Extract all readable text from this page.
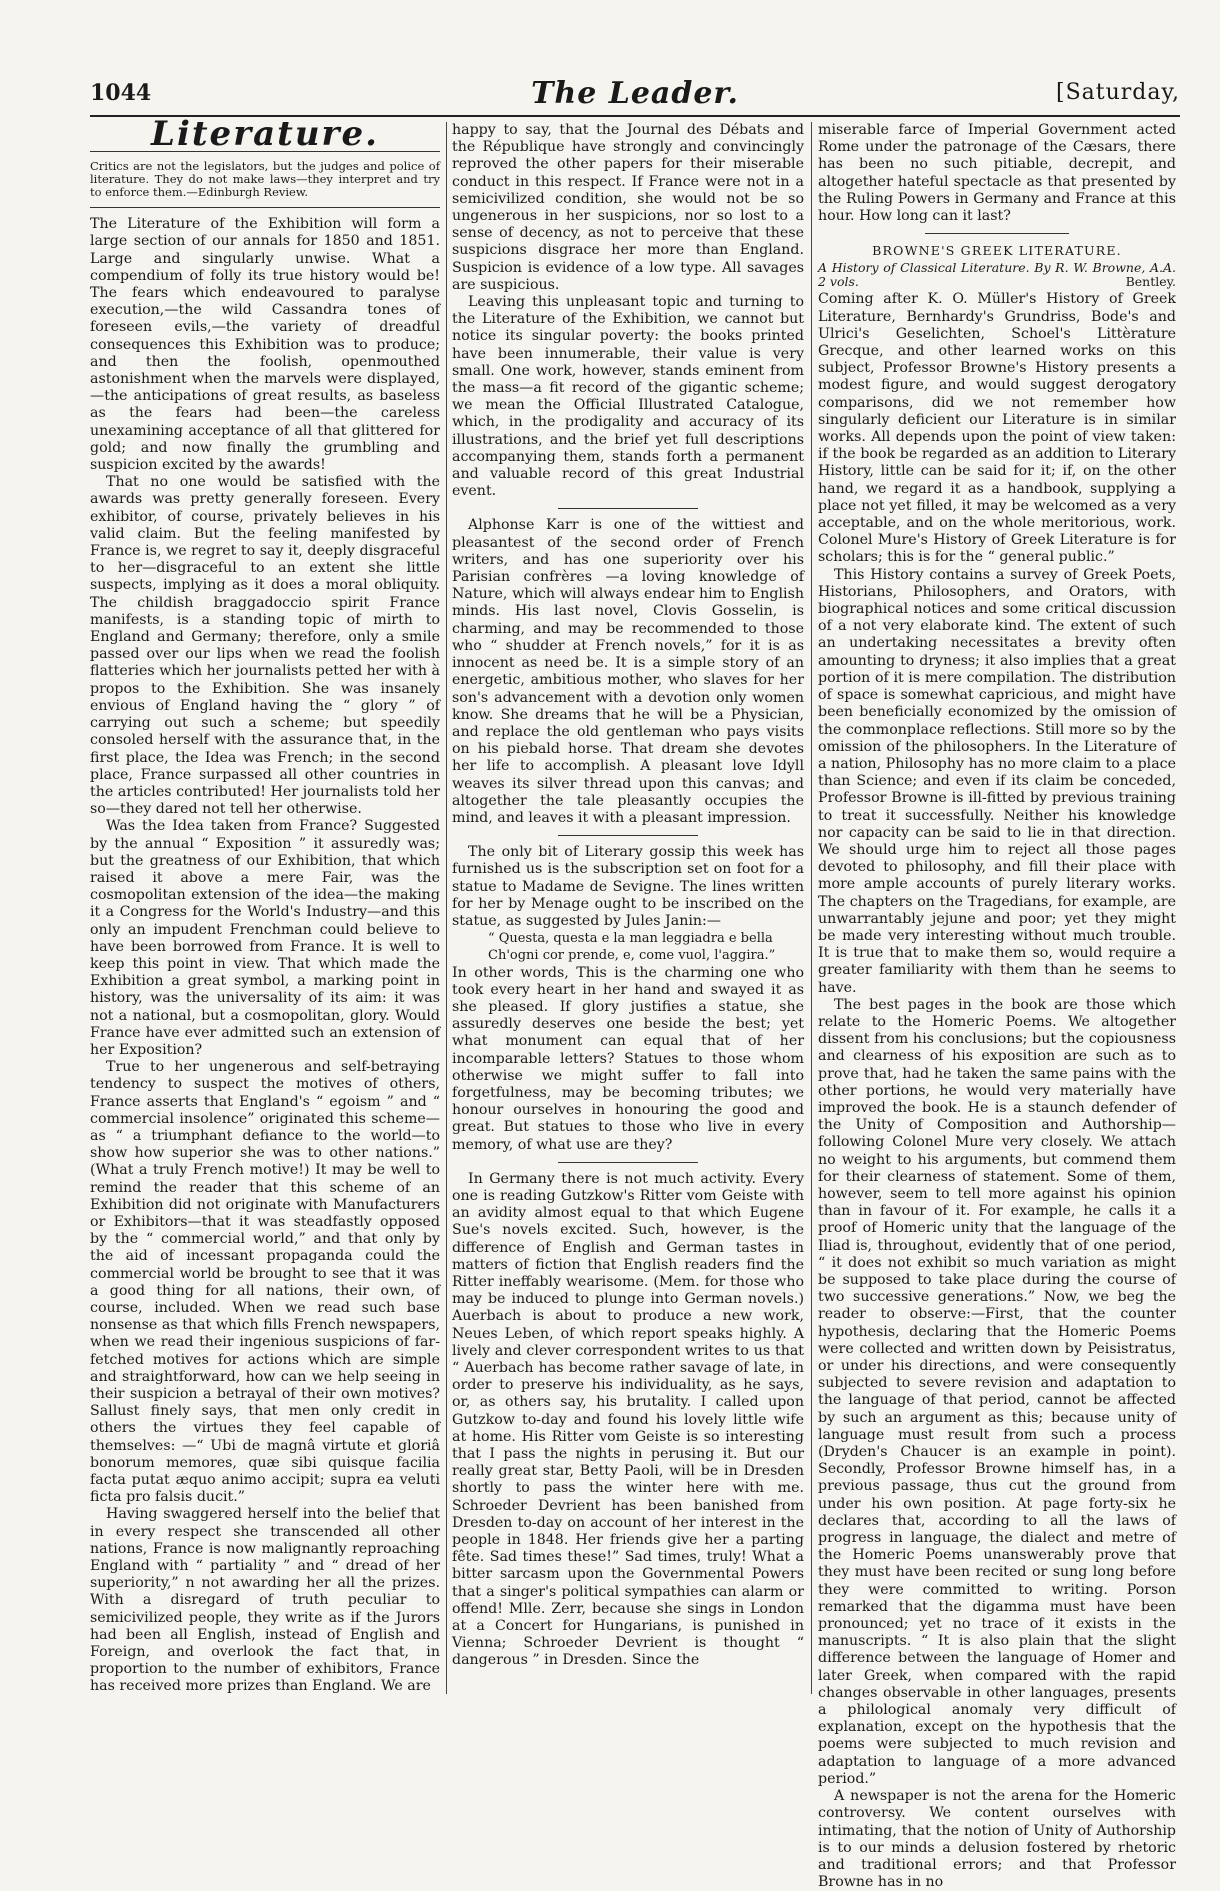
1044	The Leader.	[Saturday,
Literature.
Critics are not the legislators, but the judges and police of literature. They do not make laws—they interpret and try to enforce them.—Edinburgh Review.

The Literature of the Exhibition will form a large section of our annals for 1850 and 1851. Large and singularly unwise. What a compendium of folly its true history would be! The fears which endeavoured to paralyse execution,—the wild Cassandra tones of foreseen evils,—the variety of dreadful consequences this Exhibition was to produce; and then the foolish, openmouthed astonishment when the marvels were displayed,—the anticipations of great results, as baseless as the fears had been—the careless unexamining acceptance of all that glittered for gold; and now finally the grumbling and suspicion excited by the awards!

That no one would be satisfied with the awards was pretty generally foreseen. Every exhibitor, of course, privately believes in his valid claim. But the feeling manifested by France is, we regret to say it, deeply disgraceful to her—disgraceful to an extent she little suspects, implying as it does a moral obliquity. The childish braggadoccio spirit France manifests, is a standing topic of mirth to England and Germany; therefore, only a smile passed over our lips when we read the foolish flatteries which her journalists petted her with à propos to the Exhibition. She was insanely envious of England having the “ glory ” of carrying out such a scheme; but speedily consoled herself with the assurance that, in the first place, the Idea was French; in the second place, France surpassed all other countries in the articles contributed! Her journalists told her so—they dared not tell her otherwise.

Was the Idea taken from France? Suggested by the annual “ Exposition ” it assuredly was; but the greatness of our Exhibition, that which raised it above a mere Fair, was the cosmopolitan extension of the idea—the making it a Congress for the World's Industry—and this only an impudent Frenchman could believe to have been borrowed from France. It is well to keep this point in view. That which made the Exhibition a great symbol, a marking point in history, was the universality of its aim: it was not a national, but a cosmopolitan, glory. Would France have ever admitted such an extension of her Exposition?

True to her ungenerous and self-betraying tendency to suspect the motives of others, France asserts that England's “ egoism ” and “ commercial insolence” originated this scheme—as “ a triumphant defiance to the world—to show how superior she was to other nations.” (What a truly French motive!) It may be well to remind the reader that this scheme of an Exhibition did not originate with Manufacturers or Exhibitors—that it was steadfastly opposed by the “ commercial world,” and that only by the aid of incessant propaganda could the commercial world be brought to see that it was a good thing for all nations, their own, of course, included. When we read such base nonsense as that which fills French newspapers, when we read their ingenious suspicions of far-fetched motives for actions which are simple and straightforward, how can we help seeing in their suspicion a betrayal of their own motives? Sallust finely says, that men only credit in others the virtues they feel capable of themselves: —“ Ubi de magnâ virtute et gloriâ bonorum memores, quæ sibi quisque facilia facta putat æquo animo accipit; supra ea veluti ficta pro falsis ducit.”

Having swaggered herself into the belief that in every respect she transcended all other nations, France is now malignantly reproaching England with “ partiality ” and “ dread of her superiority,” n not awarding her all the prizes. With a disregard of truth peculiar to semicivilized people, they write as if the Jurors had been all English, instead of English and Foreign, and overlook the fact that, in proportion to the number of exhibitors, France has received more prizes than England. We are

happy to say, that the Journal des Débats and the République have strongly and convincingly reproved the other papers for their miserable conduct in this respect. If France were not in a semicivilized condition, she would not be so ungenerous in her suspicions, nor so lost to a sense of decency, as not to perceive that these suspicions disgrace her more than England. Suspicion is evidence of a low type. All savages are suspicious.

Leaving this unpleasant topic and turning to the Literature of the Exhibition, we cannot but notice its singular poverty: the books printed have been innumerable, their value is very small. One work, however, stands eminent from the mass—a fit record of the gigantic scheme; we mean the Official Illustrated Catalogue, which, in the prodigality and accuracy of its illustrations, and the brief yet full descriptions accompanying them, stands forth a permanent and valuable record of this great Industrial event.

Alphonse Karr is one of the wittiest and pleasantest of the second order of French writers, and has one superiority over his Parisian confrères —a loving knowledge of Nature, which will always endear him to English minds. His last novel, Clovis Gosselin, is charming, and may be recommended to those who “ shudder at French novels,” for it is as innocent as need be. It is a simple story of an energetic, ambitious mother, who slaves for her son's advancement with a devotion only women know. She dreams that he will be a Physician, and replace the old gentleman who pays visits on his piebald horse. That dream she devotes her life to accomplish. A pleasant love Idyll weaves its silver thread upon this canvas; and altogether the tale pleasantly occupies the mind, and leaves it with a pleasant impression.

The only bit of Literary gossip this week has furnished us is the subscription set on foot for a statue to Madame de Sevigne. The lines written for her by Menage ought to be inscribed on the statue, as suggested by Jules Janin:—

“ Questa, questa e la man leggiadra e bella

Ch'ogni cor prende, e, come vuol, l'aggira.”

In other words, This is the charming one who took every heart in her hand and swayed it as she pleased. If glory justifies a statue, she assuredly deserves one beside the best; yet what monument can equal that of her incomparable letters? Statues to those whom otherwise we might suffer to fall into forgetfulness, may be becoming tributes; we honour ourselves in honouring the good and great. But statues to those who live in every memory, of what use are they?

In Germany there is not much activity. Every one is reading Gutzkow's Ritter vom Geiste with an avidity almost equal to that which Eugene Sue's novels excited. Such, however, is the difference of English and German tastes in matters of fiction that English readers find the Ritter ineffably wearisome. (Mem. for those who may be induced to plunge into German novels.) Auerbach is about to produce a new work, Neues Leben, of which report speaks highly. A lively and clever correspondent writes to us that “ Auerbach has become rather savage of late, in order to preserve his individuality, as he says, or, as others say, his brutality. I called upon Gutzkow to-day and found his lovely little wife at home. His Ritter vom Geiste is so interesting that I pass the nights in perusing it. But our really great star, Betty Paoli, will be in Dresden shortly to pass the winter here with me. Schroeder Devrient has been banished from Dresden to-day on account of her interest in the people in 1848. Her friends give her a parting fête. Sad times these!” Sad times, truly! What a bitter sarcasm upon the Governmental Powers that a singer's political sympathies can alarm or offend! Mlle. Zerr, because she sings in London at a Concert for Hungarians, is punished in Vienna; Schroeder Devrient is thought “ dangerous ” in Dresden. Since the

miserable farce of Imperial Government acted Rome under the patronage of the Cæsars, there has been no such pitiable, decrepit, and altogether hateful spectacle as that presented by the Ruling Powers in Germany and France at this hour. How long can it last?

BROWNE'S GREEK LITERATURE.
A History of Classical Literature. By R. W. Browne, A.A. 2 vols.	Bentley.

Coming after K. O. Müller's History of Greek Literature, Bernhardy's Grundriss, Bode's and Ulrici's Geselichten, Schoel's Littèrature Grecque, and other learned works on this subject, Professor Browne's History presents a modest figure, and would suggest derogatory comparisons, did we not remember how singularly deficient our Literature is in similar works. All depends upon the point of view taken: if the book be regarded as an addition to Literary History, little can be said for it; if, on the other hand, we regard it as a handbook, supplying a place not yet filled, it may be welcomed as a very acceptable, and on the whole meritorious, work. Colonel Mure's History of Greek Literature is for scholars; this is for the “ general public.”

This History contains a survey of Greek Poets, Historians, Philosophers, and Orators, with biographical notices and some critical discussion of a not very elaborate kind. The extent of such an undertaking necessitates a brevity often amounting to dryness; it also implies that a great portion of it is mere compilation. The distribution of space is somewhat capricious, and might have been beneficially economized by the omission of the commonplace reflections. Still more so by the omission of the philosophers. In the Literature of a nation, Philosophy has no more claim to a place than Science; and even if its claim be conceded, Professor Browne is ill-fitted by previous training to treat it successfully. Neither his knowledge nor capacity can be said to lie in that direction. We should urge him to reject all those pages devoted to philosophy, and fill their place with more ample accounts of purely literary works. The chapters on the Tragedians, for example, are unwarrantably jejune and poor; yet they might be made very interesting without much trouble. It is true that to make them so, would require a greater familiarity with them than he seems to have.

The best pages in the book are those which relate to the Homeric Poems. We altogether dissent from his conclusions; but the copiousness and clearness of his exposition are such as to prove that, had he taken the same pains with the other portions, he would very materially have improved the book. He is a staunch defender of the Unity of Composition and Authorship—following Colonel Mure very closely. We attach no weight to his arguments, but commend them for their clearness of statement. Some of them, however, seem to tell more against his opinion than in favour of it. For example, he calls it a proof of Homeric unity that the language of the Iliad is, throughout, evidently that of one period, “ it does not exhibit so much variation as might be supposed to take place during the course of two successive generations.” Now, we beg the reader to observe:—First, that the counter hypothesis, declaring that the Homeric Poems were collected and written down by Peisistratus, or under his directions, and were consequently subjected to severe revision and adaptation to the language of that period, cannot be affected by such an argument as this; because unity of language must result from such a process (Dryden's Chaucer is an example in point). Secondly, Professor Browne himself has, in a previous passage, thus cut the ground from under his own position. At page forty-six he declares that, according to all the laws of progress in language, the dialect and metre of the Homeric Poems unanswerably prove that they must have been recited or sung long before they were committed to writing. Porson remarked that the digamma must have been pronounced; yet no trace of it exists in the manuscripts. “ It is also plain that the slight difference between the language of Homer and later Greek, when compared with the rapid changes observable in other languages, presents a philological anomaly very difficult of explanation, except on the hypothesis that the poems were subjected to much revision and adaptation to language of a more advanced period.”

A newspaper is not the arena for the Homeric controversy. We content ourselves with intimating, that the notion of Unity of Authorship is to our minds a delusion fostered by rhetoric and traditional errors; and that Professor Browne has in no
